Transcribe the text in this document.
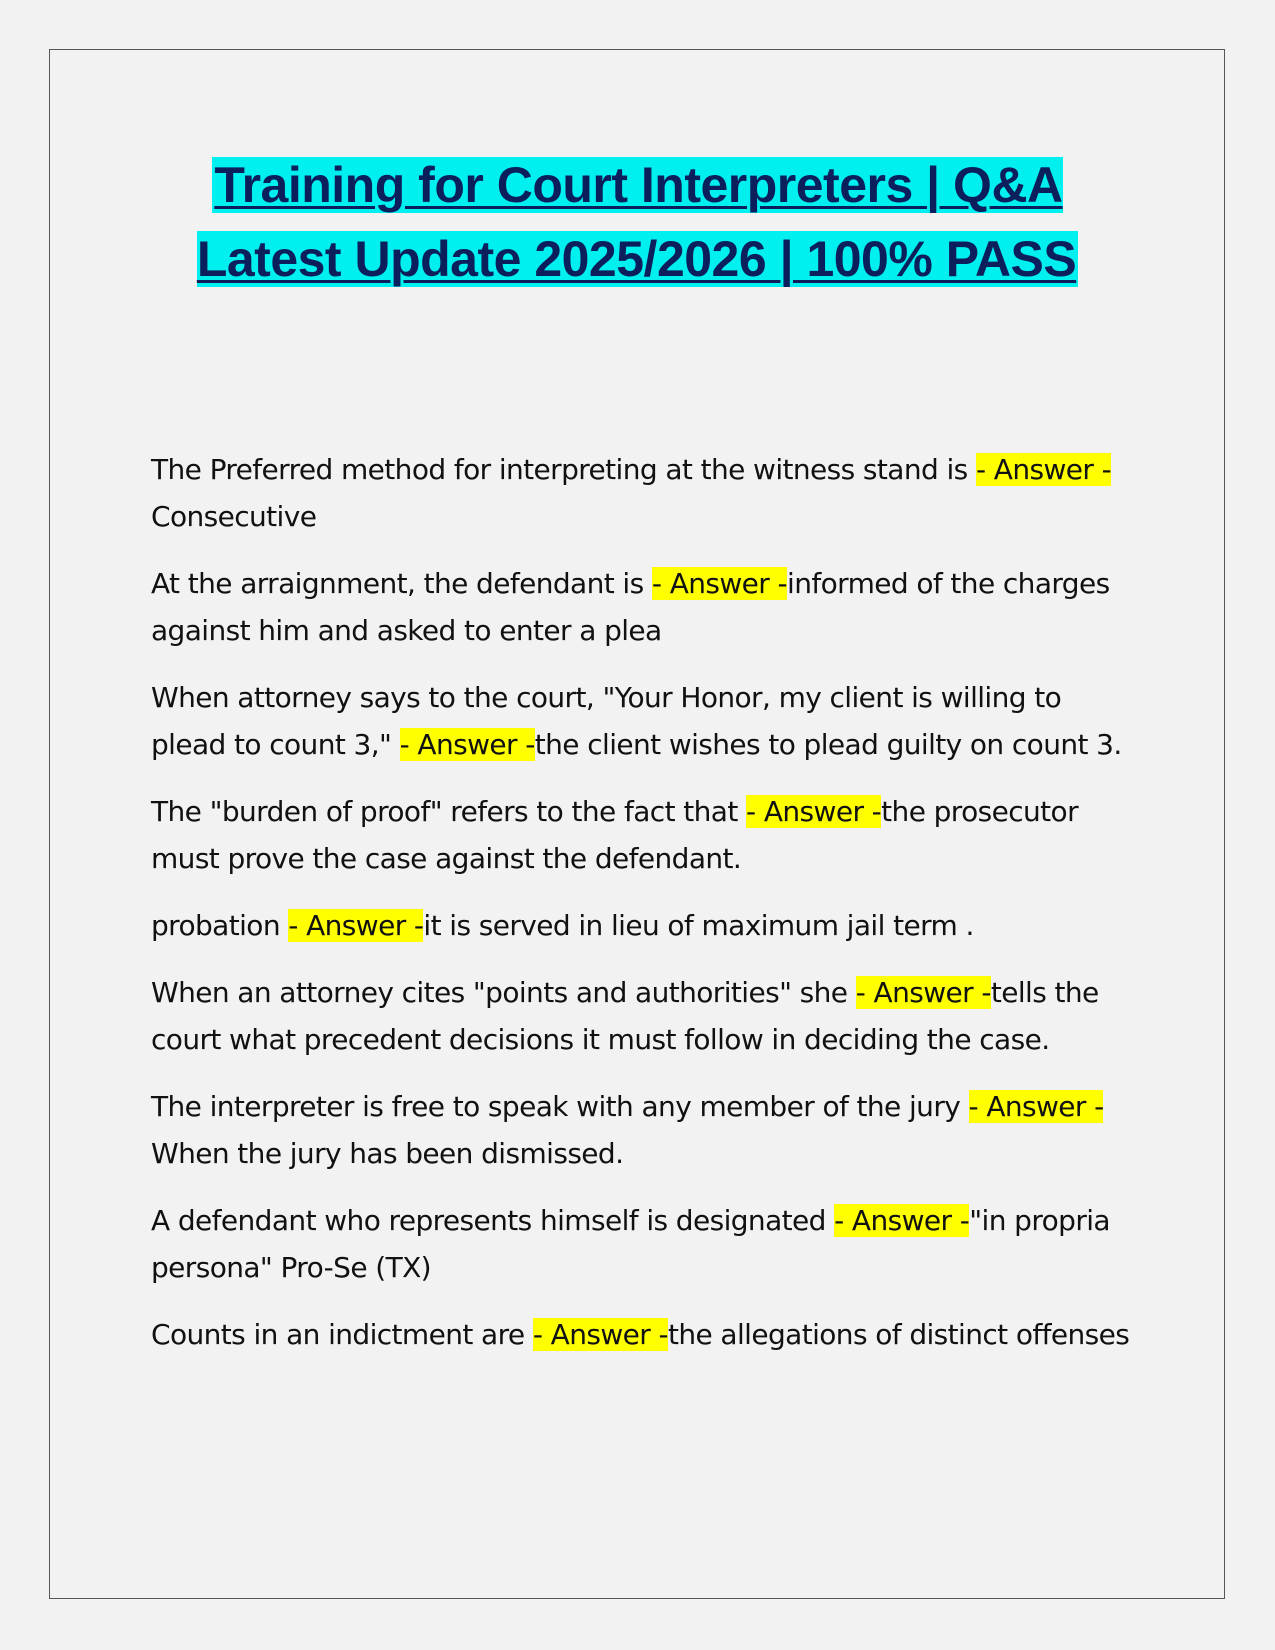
Training for Court Interpreters | Q&A Latest Update 2025/2026 | 100% PASS

The Preferred method for interpreting at the witness stand is - Answer -Consecutive

At the arraignment, the defendant is - Answer -informed of the charges against him and asked to enter a plea

When attorney says to the court, "Your Honor, my client is willing to plead to count 3," - Answer -the client wishes to plead guilty on count 3.

The "burden of proof" refers to the fact that - Answer -the prosecutor must prove the case against the defendant.

probation - Answer -it is served in lieu of maximum jail term .

When an attorney cites "points and authorities" she - Answer -tells the court what precedent decisions it must follow in deciding the case.

The interpreter is free to speak with any member of the jury - Answer -When the jury has been dismissed.

A defendant who represents himself is designated - Answer -"in propria persona" Pro-Se (TX)

Counts in an indictment are - Answer -the allegations of distinct offenses
